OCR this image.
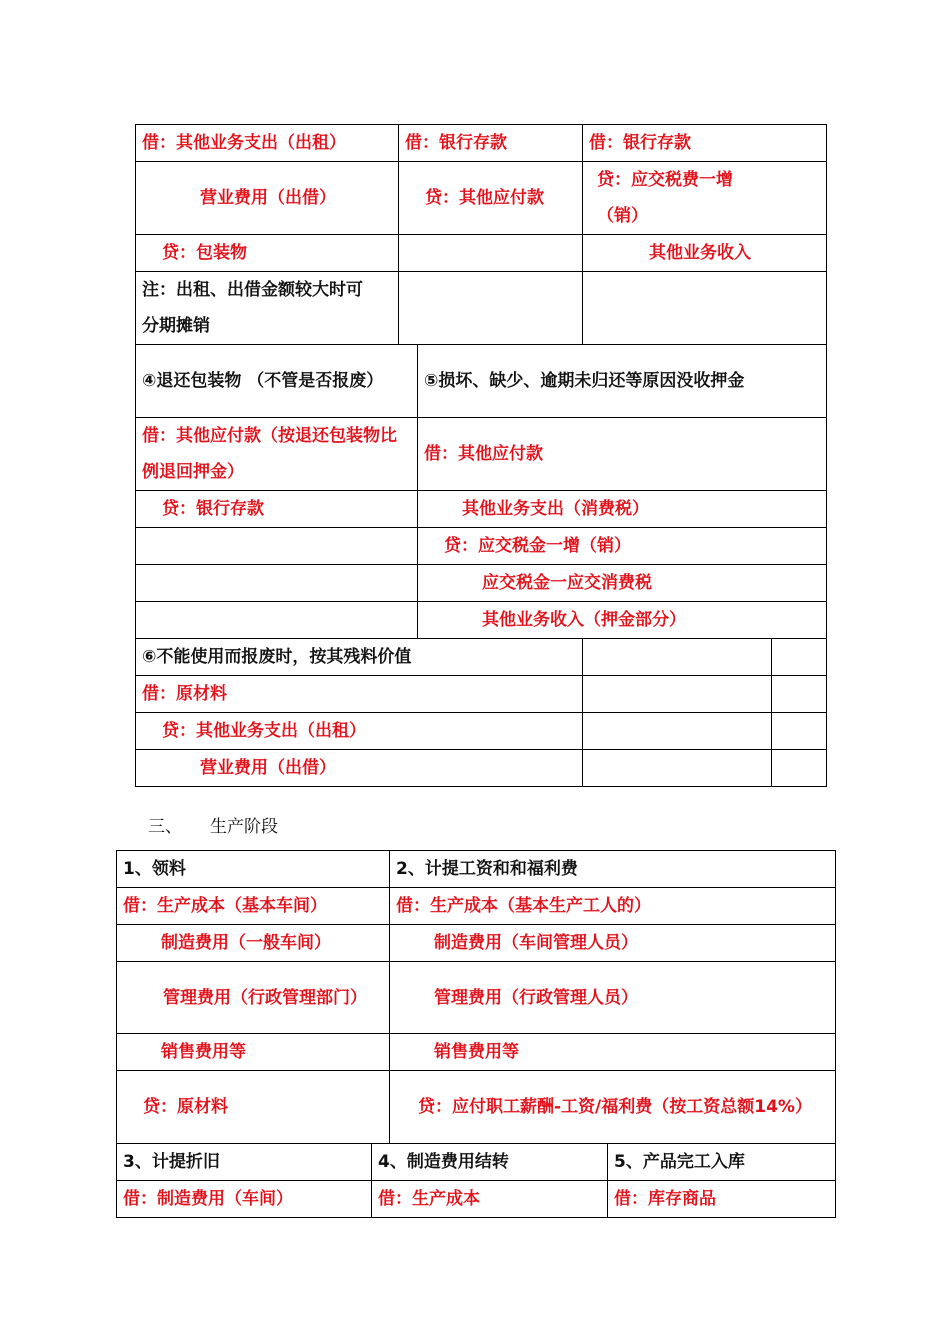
借：其他业务支出（出租）	借：银行存款		借：银行存款	
营业费用（出借）	贷：其他应付款		贷：应交税费一增（销）	
贷：包装物			其他业务收入	
注：出租、出借金额较大时可分期摊销				
④退还包装物 （不管是否报废）		⑤损坏、缺少、逾期未归还等原因没收押金		
借：其他应付款（按退还包装物比例退回押金）		借：其他应付款		
贷：银行存款		其他业务支出（消费税）		
		贷：应交税金一增（销）		
		应交税金一应交消费税		
		其他业务收入（押金部分）		
⑥不能使用而报废时，按其残料价值				
借：原材料				
贷：其他业务支出（出租）				
营业费用（出借）				
三、 生产阶段
1、领料		2、计提工资和和福利费	
借：生产成本（基本车间）		借：生产成本（基本生产工人的）	
制造费用（一般车间）		制造费用（车间管理人员）	
管理费用（行政管理部门）		管理费用（行政管理人员）	
销售费用等		销售费用等	
贷：原材料		贷：应付职工薪酬-工资/福利费（按工资总额14%）	
3、计提折旧	4、制造费用结转		5、产品完工入库
借：制造费用（车间）	借：生产成本		借：库存商品
